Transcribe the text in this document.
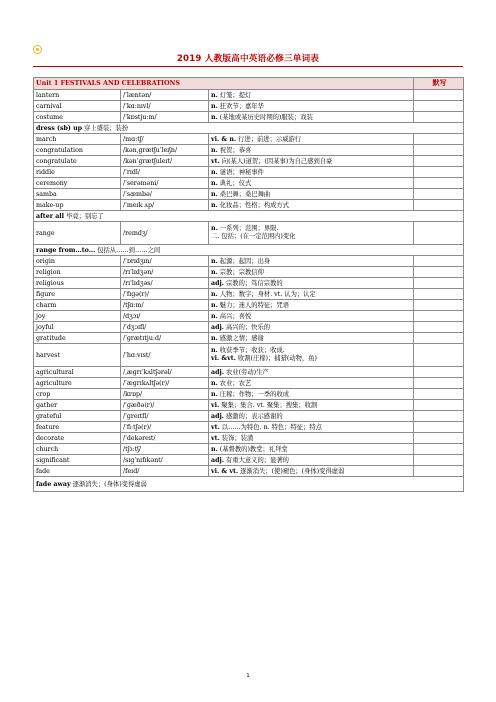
2019 人教版高中英语必修三单词表
Unit 1 FESTIVALS AND CELEBRATIONS			默写
lantern	/ˈlæntən/	n. 灯笼；提灯	
carnival	/ˈkɑːnɪvl/	n. 狂欢节；嘉年华	
costume	/ˈkɒstjuːm/	n. (某地或某历史时期的)服装；戏装	
dress (sb) up 穿上盛装；装扮			
march	/mɑːtʃ/	vi. & n. 行进；前进；示威游行	
congratulation	/kənˌɡrætʃuˈleɪʃn/	n. 祝贺；恭喜	
congratulate	/kənˈɡrætʃuleɪt/	vt. 向(某人)道贺；(因某事)为自己感到自豪	
riddle	/ˈrɪdl/	n. 谜语；神秘事件	
ceremony	/ˈserəməni/	n. 典礼；仪式	
samba	/ˈsæmbə/	n. 桑巴舞；桑巴舞曲	
make-up	/ˈmeɪk ʌp/	n. 化妆品；性格；构成方式	
after all 毕竟；别忘了			
range	/reɪndʒ/	n. 一系列；范围；界限.
二. 包括；(在一定范围内)变化	

range from…to… 包括从……到……之间			
origin	/ˈɒrɪdʒɪn/	n. 起源；起因；出身	
religion	/rɪˈlɪdʒən/	n. 宗教；宗教信仰	
religious	/rɪˈlɪdʒəs/	adj. 宗教的；笃信宗教的	
figure	/ˈfɪɡə(r)/	n. 人物；数字；身材. vt. 认为；认定	
charm	/tʃɑːm/	n. 魅力；迷人的特征；咒语	
joy	/dʒɔɪ/	n. 高兴；喜悦	
joyful	/ˈdʒɔɪfl/	adj. 高兴的；快乐的	
gratitude	/ˈɡrætɪtjuːd/	n. 感激之情；感谢	
harvest	/ˈhɑːvɪst/	n. 收获季节；收获；收成.
vi. &vt. 收割(庄稼)；捕猎(动物，鱼)	

agricultural	/ˌæɡrɪˈkʌltʃərəl/	adj. 农业(劳动)生产	
agriculture	/ˈæɡrɪkʌltʃə(r)/	n. 农业；农艺	
crop	/krɒp/	n. 庄稼；作物；一季的收成	
gather	/ˈɡæðə(r)/	vi. 聚集；集合. vt. 聚集；搜集；收割	
grateful	/ˈɡreɪtfl/	adj. 感激的；表示感谢的	
feature	/ˈfiːtʃə(r)/	vt. 以……为特色. n. 特色；特征；特点	
decorate	/ˈdekəreɪt/	vt. 装饰；装潢	
church	/tʃɜːtʃ/	n. (基督教的)教堂；礼拜堂	
significant	/sɪɡˈnɪfɪkənt/	adj. 有重大意义的；显著的	
fade	/feɪd/	vi. & vt. 逐渐消失；(使)褪色；(身体)变得虚弱	
fade away 逐渐消失；(身体)变得虚弱			
1
